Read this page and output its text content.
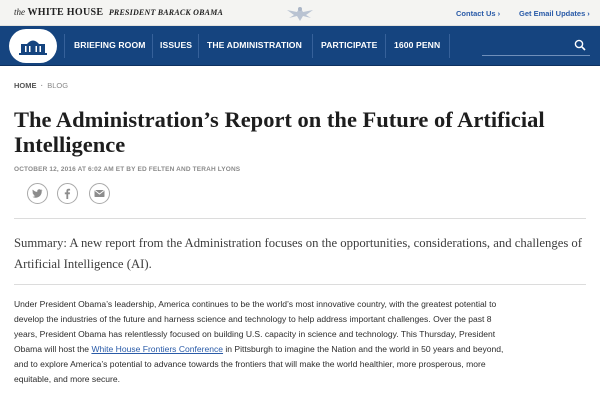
the WHITE HOUSE PRESIDENT BARACK OBAMA	Contact Us ›	Get Email Updates ›
BRIEFING ROOM ISSUES THE ADMINISTRATION PARTICIPATE 1600 PENN
HOME · BLOG
The Administration’s Report on the Future of Artificial Intelligence
OCTOBER 12, 2016 AT 6:02 AM ET BY ED FELTEN AND TERAH LYONS

Summary: A new report from the Administration focuses on the opportunities, considerations, and challenges of Artificial Intelligence (AI).

Under President Obama’s leadership, America continues to be the world’s most innovative country, with the greatest potential to develop the industries of the future and harness science and technology to help address important challenges. Over the past 8 years, President Obama has relentlessly focused on building U.S. capacity in science and technology. This Thursday, President Obama will host the White House Frontiers Conference in Pittsburgh to imagine the Nation and the world in 50 years and beyond, and to explore America’s potential to advance towards the frontiers that will make the world healthier, more prosperous, more equitable, and more secure.
